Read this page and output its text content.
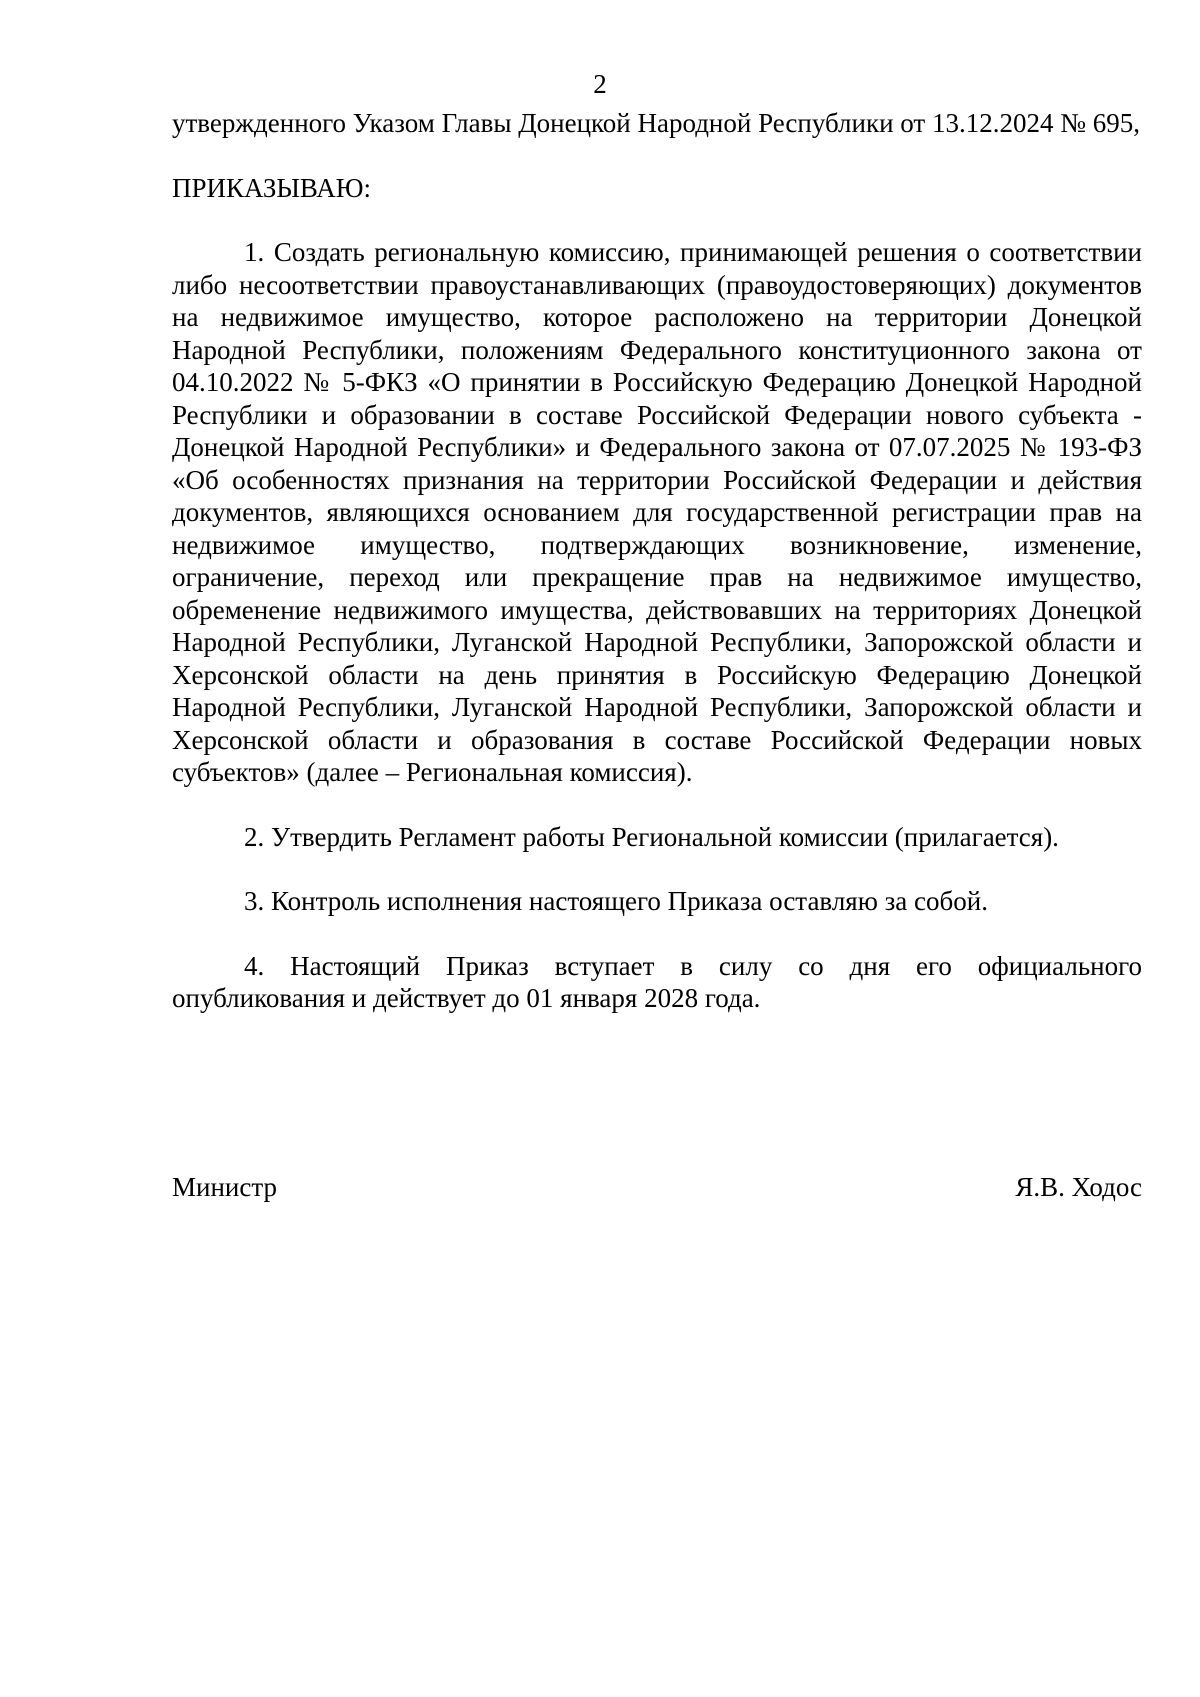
2

утвержденного Указом Главы Донецкой Народной Республики от 13.12.2024 № 695,

ПРИКАЗЫВАЮ:

1. Создать региональную комиссию, принимающей решения о соответствии либо несоответствии правоустанавливающих (правоудостоверяющих) документов на недвижимое имущество, которое расположено на территории Донецкой Народной Республики, положениям Федерального конституционного закона от 04.10.2022 № 5-ФКЗ «О принятии в Российскую Федерацию Донецкой Народной Республики и образовании в составе Российской Федерации нового субъекта - Донецкой Народной Республики» и Федерального закона от 07.07.2025 № 193-ФЗ «Об особенностях признания на территории Российской Федерации и действия документов, являющихся основанием для государственной регистрации прав на недвижимое имущество, подтверждающих возникновение, изменение, ограничение, переход или прекращение прав на недвижимое имущество, обременение недвижимого имущества, действовавших на территориях Донецкой Народной Республики, Луганской Народной Республики, Запорожской области и Херсонской области на день принятия в Российскую Федерацию Донецкой Народной Республики, Луганской Народной Республики, Запорожской области и Херсонской области и образования в составе Российской Федерации новых субъектов» (далее – Региональная комиссия).

2. Утвердить Регламент работы Региональной комиссии (прилагается).

3. Контроль исполнения настоящего Приказа оставляю за собой.

4. Настоящий Приказ вступает в силу со дня его официального опубликования и действует до 01 января 2028 года.

Министр	Я.В. Ходос
